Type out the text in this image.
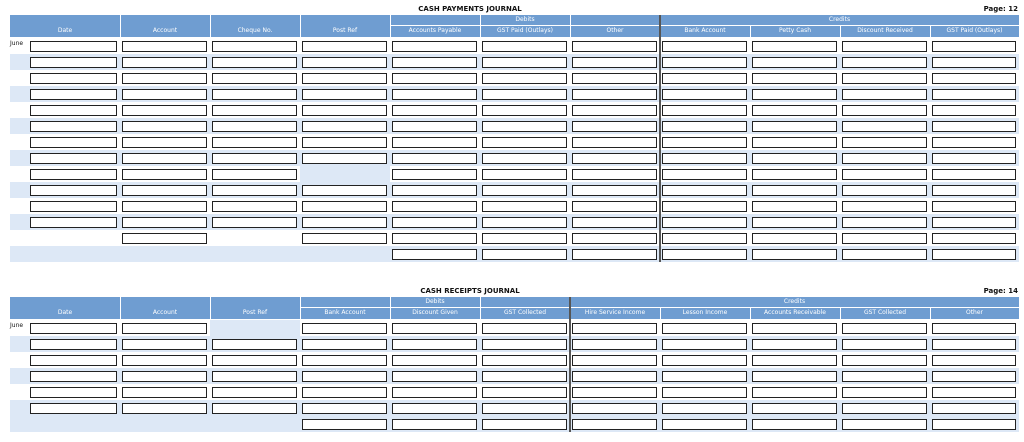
CASH PAYMENTS JOURNAL	Page: 12
Debits	Credits
Date	Account	Cheque No.	Post Ref	Accounts Payable	GST Paid (Outlays)	Other	Bank Account	Petty Cash	Discount Received	GST Paid (Outlays)
June
CASH RECEIPTS JOURNAL	Page: 14
Debits	Credits
Date	Account	Post Ref	Bank Account	Discount Given	GST Collected	Hire Service Income	Lesson Income	Accounts Receivable	GST Collected	Other
June
